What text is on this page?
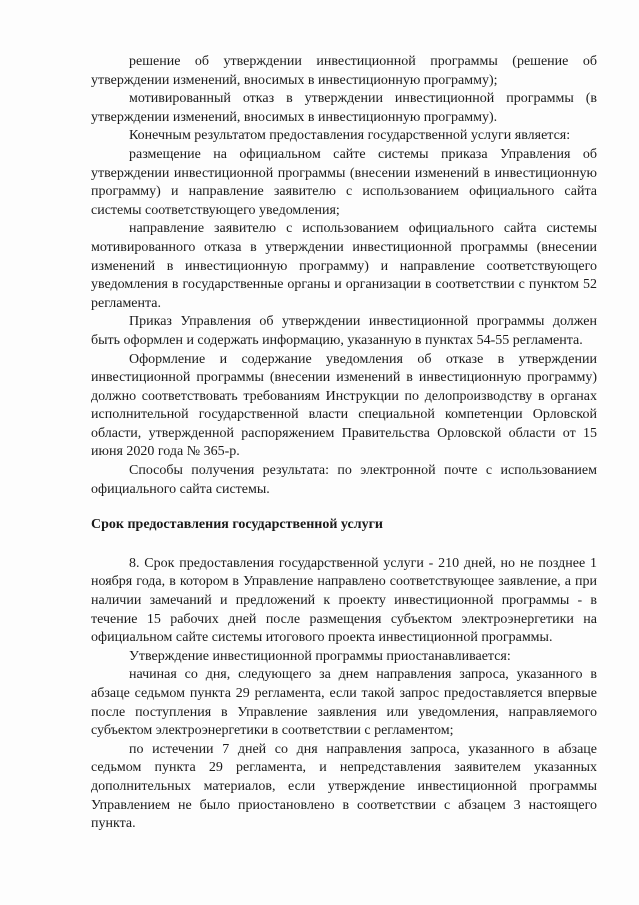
решение об утверждении инвестиционной программы (решение об утверждении изменений, вносимых в инвестиционную программу);

мотивированный отказ в утверждении инвестиционной программы (в утверждении изменений, вносимых в инвестиционную программу).

Конечным результатом предоставления государственной услуги является:

размещение на официальном сайте системы приказа Управления об утверждении инвестиционной программы (внесении изменений в инвестиционную программу) и направление заявителю с использованием официального сайта системы соответствующего уведомления;

направление заявителю с использованием официального сайта системы мотивированного отказа в утверждении инвестиционной программы (внесении изменений в инвестиционную программу) и направление соответствующего уведомления в государственные органы и организации в соответствии с пунктом 52 регламента.

Приказ Управления об утверждении инвестиционной программы должен быть оформлен и содержать информацию, указанную в пунктах 54-55 регламента.

Оформление и содержание уведомления об отказе в утверждении инвестиционной программы (внесении изменений в инвестиционную программу) должно соответствовать требованиям Инструкции по делопроизводству в органах исполнительной государственной власти специальной компетенции Орловской области, утвержденной распоряжением Правительства Орловской области от 15 июня 2020 года № 365-р.

Способы получения результата: по электронной почте с использованием официального сайта системы.

Срок предоставления государственной услуги

8. Срок предоставления государственной услуги - 210 дней, но не позднее 1 ноября года, в котором в Управление направлено соответствующее заявление, а при наличии замечаний и предложений к проекту инвестиционной программы - в течение 15 рабочих дней после размещения субъектом электроэнергетики на официальном сайте системы итогового проекта инвестиционной программы.

Утверждение инвестиционной программы приостанавливается:

начиная со дня, следующего за днем направления запроса, указанного в абзаце седьмом пункта 29 регламента, если такой запрос предоставляется впервые после поступления в Управление заявления или уведомления, направляемого субъектом электроэнергетики в соответствии с регламентом;

по истечении 7 дней со дня направления запроса, указанного в абзаце седьмом пункта 29 регламента, и непредставления заявителем указанных дополнительных материалов, если утверждение инвестиционной программы Управлением не было приостановлено в соответствии с абзацем 3 настоящего пункта.
